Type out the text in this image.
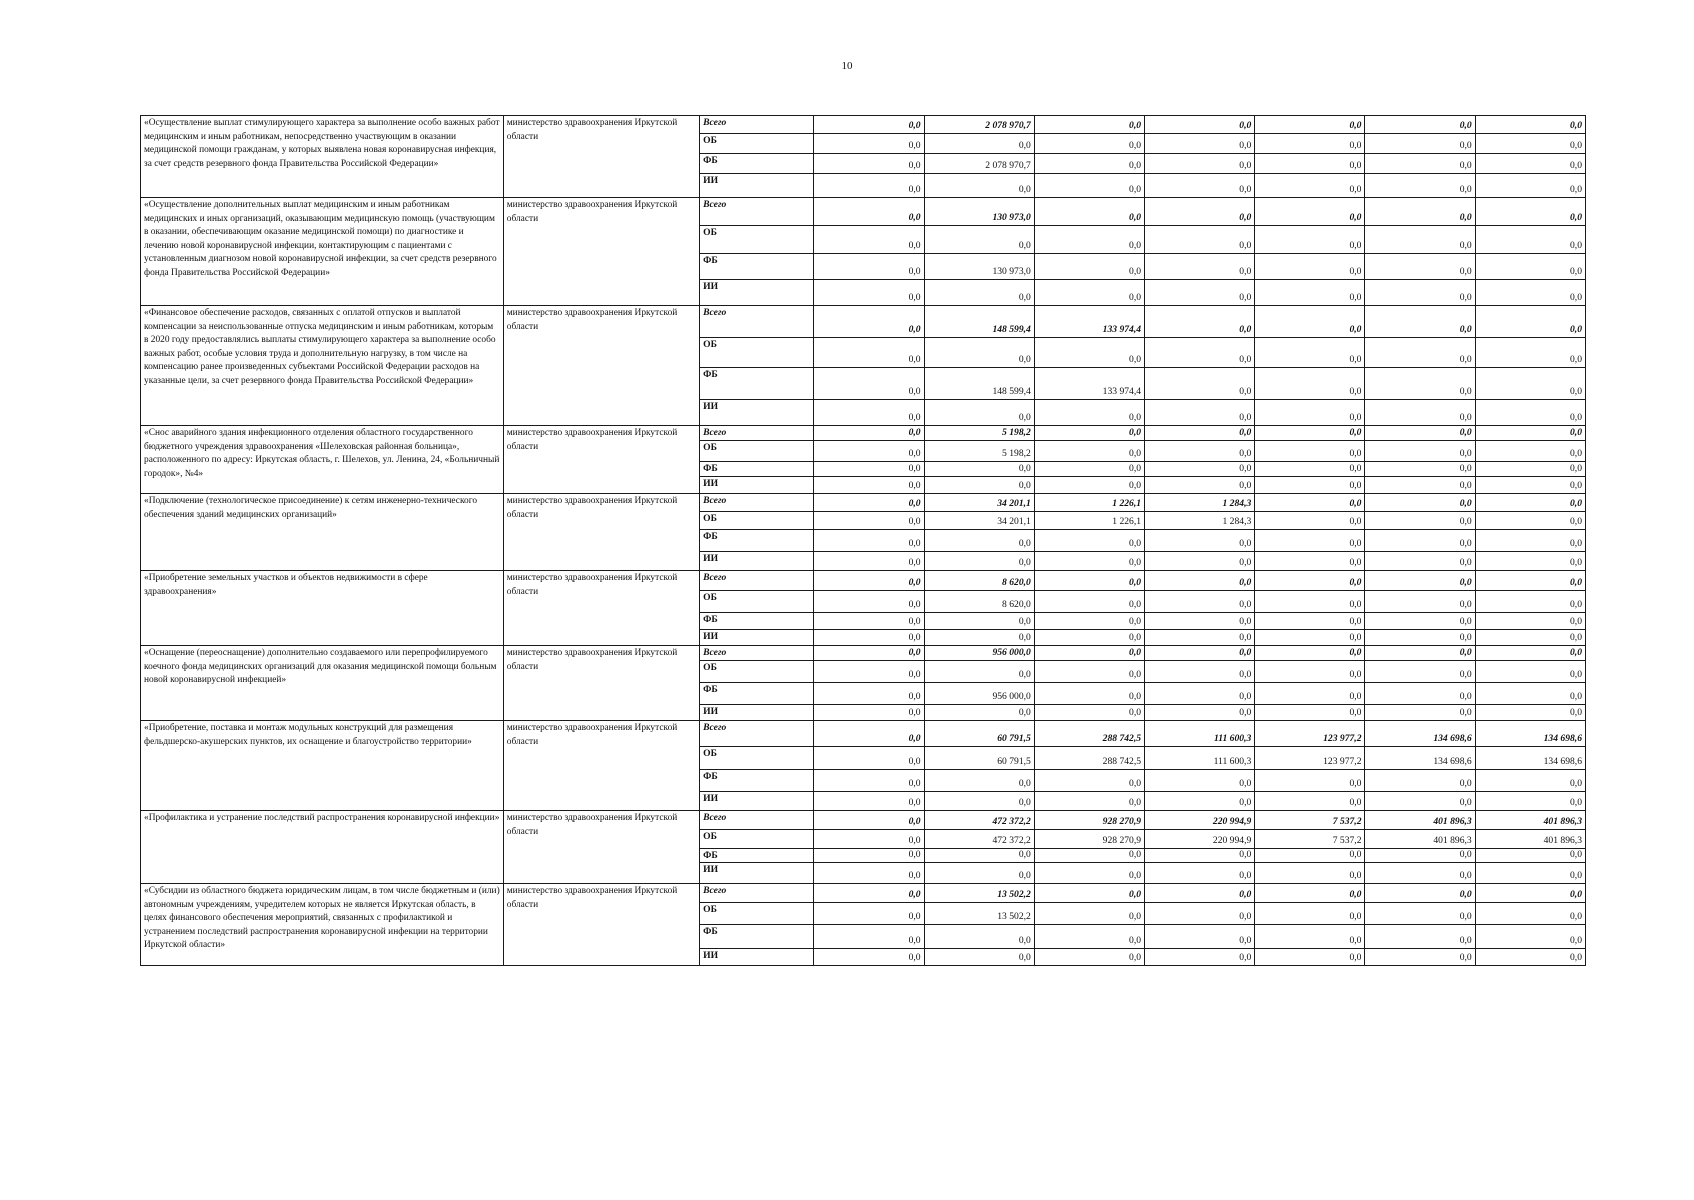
10
«Осуществление выплат стимулирующего характера за выполнение особо важных работ медицинским и иным работникам, непосредственно участвующим в оказании медицинской помощи гражданам, у которых выявлена новая коронавирусная инфекция, за счет средств резервного фонда Правительства Российской Федерации»	министерство здравоохранения Иркутской области	Всего	0,0	2 078 970,7	0,0	0,0	0,0	0,0	0,0
		ОБ	0,0	0,0	0,0	0,0	0,0	0,0	0,0
		ФБ	0,0	2 078 970,7	0,0	0,0	0,0	0,0	0,0
		ИИ	0,0	0,0	0,0	0,0	0,0	0,0	0,0
«Осуществление дополнительных выплат медицинским и иным работникам медицинских и иных организаций, оказывающим медицинскую помощь (участвующим в оказании, обеспечивающим оказание медицинской помощи) по диагностике и лечению новой коронавирусной инфекции, контактирующим с пациентами с установленным диагнозом новой коронавирусной инфекции, за счет средств резервного фонда Правительства Российской Федерации»	министерство здравоохранения Иркутской области	Всего	0,0	130 973,0	0,0	0,0	0,0	0,0	0,0
		ОБ	0,0	0,0	0,0	0,0	0,0	0,0	0,0
		ФБ	0,0	130 973,0	0,0	0,0	0,0	0,0	0,0
		ИИ	0,0	0,0	0,0	0,0	0,0	0,0	0,0
«Финансовое обеспечение расходов, связанных с оплатой отпусков и выплатой компенсации за неиспользованные отпуска медицинским и иным работникам, которым в 2020 году предоставлялись выплаты стимулирующего характера за выполнение особо важных работ, особые условия труда и дополнительную нагрузку, в том числе на компенсацию ранее произведенных субъектами Российской Федерации расходов на указанные цели, за счет резервного фонда Правительства Российской Федерации»	министерство здравоохранения Иркутской области	Всего	0,0	148 599,4	133 974,4	0,0	0,0	0,0	0,0
		ОБ	0,0	0,0	0,0	0,0	0,0	0,0	0,0
		ФБ	0,0	148 599,4	133 974,4	0,0	0,0	0,0	0,0
		ИИ	0,0	0,0	0,0	0,0	0,0	0,0	0,0
«Снос аварийного здания инфекционного отделения областного государственного бюджетного учреждения здравоохранения «Шелеховская районная больница», расположенного по адресу: Иркутская область, г. Шелехов, ул. Ленина, 24, «Больничный городок», №4»	министерство здравоохранения Иркутской области	Всего	0,0	5 198,2	0,0	0,0	0,0	0,0	0,0
		ОБ	0,0	5 198,2	0,0	0,0	0,0	0,0	0,0
		ФБ	0,0	0,0	0,0	0,0	0,0	0,0	0,0
		ИИ	0,0	0,0	0,0	0,0	0,0	0,0	0,0
«Подключение (технологическое присоединение) к сетям инженерно-технического обеспечения зданий медицинских организаций»	министерство здравоохранения Иркутской области	Всего	0,0	34 201,1	1 226,1	1 284,3	0,0	0,0	0,0
		ОБ	0,0	34 201,1	1 226,1	1 284,3	0,0	0,0	0,0
		ФБ	0,0	0,0	0,0	0,0	0,0	0,0	0,0
		ИИ	0,0	0,0	0,0	0,0	0,0	0,0	0,0
«Приобретение земельных участков и объектов недвижимости в сфере здравоохранения»	министерство здравоохранения Иркутской области	Всего	0,0	8 620,0	0,0	0,0	0,0	0,0	0,0
		ОБ	0,0	8 620,0	0,0	0,0	0,0	0,0	0,0
		ФБ	0,0	0,0	0,0	0,0	0,0	0,0	0,0
		ИИ	0,0	0,0	0,0	0,0	0,0	0,0	0,0
«Оснащение (переоснащение) дополнительно создаваемого или перепрофилируемого коечного фонда медицинских организаций для оказания медицинской помощи больным новой коронавирусной инфекцией»	министерство здравоохранения Иркутской области	Всего	0,0	956 000,0	0,0	0,0	0,0	0,0	0,0
		ОБ	0,0	0,0	0,0	0,0	0,0	0,0	0,0
		ФБ	0,0	956 000,0	0,0	0,0	0,0	0,0	0,0
		ИИ	0,0	0,0	0,0	0,0	0,0	0,0	0,0
«Приобретение, поставка и монтаж модульных конструкций для размещения фельдшерско-акушерских пунктов, их оснащение и благоустройство территории»	министерство здравоохранения Иркутской области	Всего	0,0	60 791,5	288 742,5	111 600,3	123 977,2	134 698,6	134 698,6
		ОБ	0,0	60 791,5	288 742,5	111 600,3	123 977,2	134 698,6	134 698,6
		ФБ	0,0	0,0	0,0	0,0	0,0	0,0	0,0
		ИИ	0,0	0,0	0,0	0,0	0,0	0,0	0,0
«Профилактика и устранение последствий распространения коронавирусной инфекции»	министерство здравоохранения Иркутской области	Всего	0,0	472 372,2	928 270,9	220 994,9	7 537,2	401 896,3	401 896,3
		ОБ	0,0	472 372,2	928 270,9	220 994,9	7 537,2	401 896,3	401 896,3
		ФБ	0,0	0,0	0,0	0,0	0,0	0,0	0,0
		ИИ	0,0	0,0	0,0	0,0	0,0	0,0	0,0
«Субсидии из областного бюджета юридическим лицам, в том числе бюджетным и (или) автономным учреждениям, учредителем которых не является Иркутская область, в целях финансового обеспечения мероприятий, связанных с профилактикой и устранением последствий распространения коронавирусной инфекции на территории Иркутской области»	министерство здравоохранения Иркутской области	Всего	0,0	13 502,2	0,0	0,0	0,0	0,0	0,0
		ОБ	0,0	13 502,2	0,0	0,0	0,0	0,0	0,0
		ФБ	0,0	0,0	0,0	0,0	0,0	0,0	0,0
		ИИ	0,0	0,0	0,0	0,0	0,0	0,0	0,0
